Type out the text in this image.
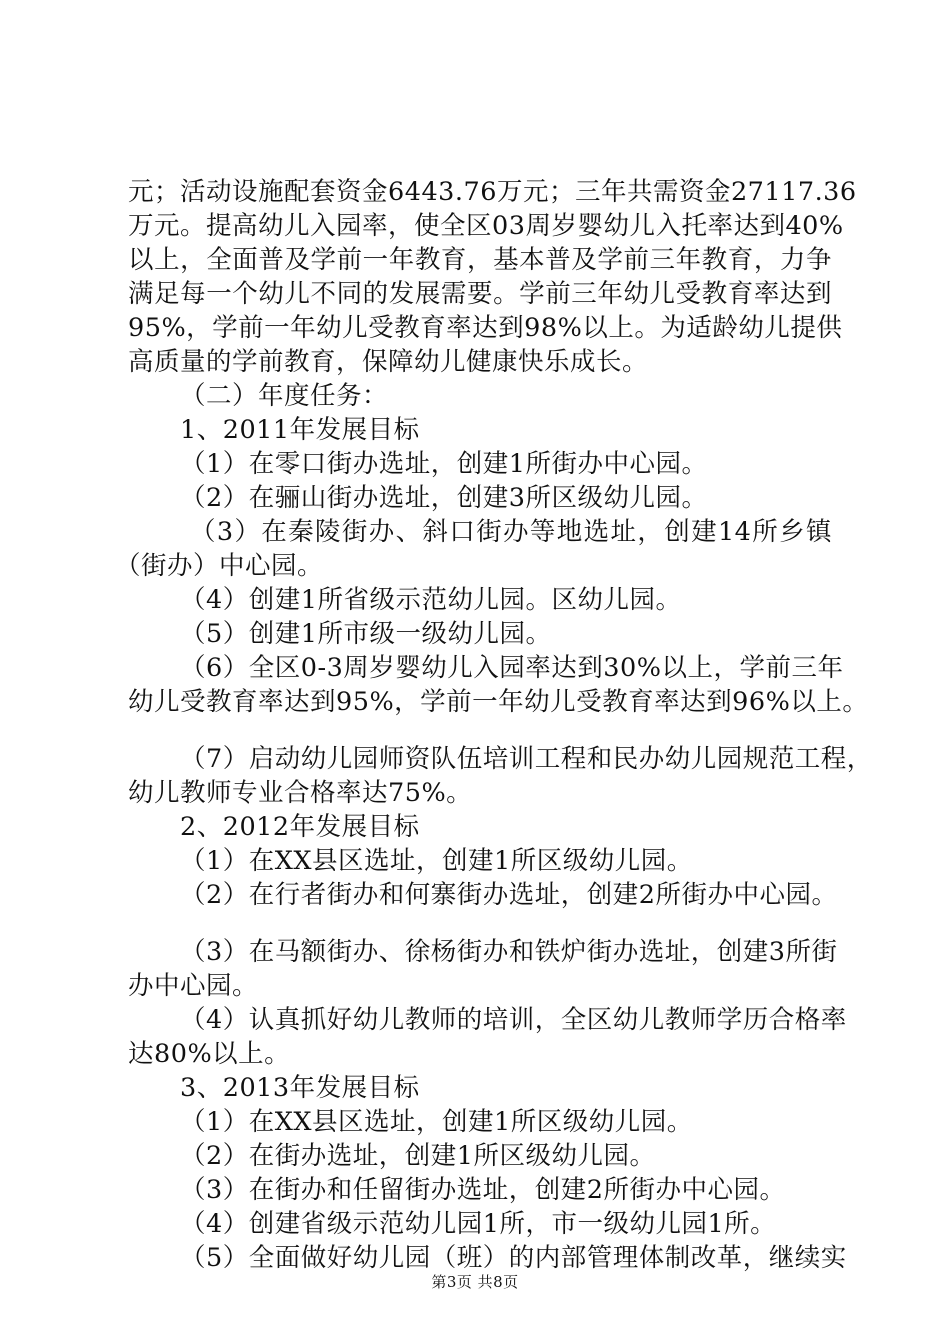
元；活动设施配套资金6443.76万元；三年共需资金27117.36
万元。提高幼儿入园率，使全区03周岁婴幼儿入托率达到40%
以上，全面普及学前一年教育，基本普及学前三年教育，力争
满足每一个幼儿不同的发展需要。学前三年幼儿受教育率达到
95%，学前一年幼儿受教育率达到98%以上。为适龄幼儿提供
高质量的学前教育，保障幼儿健康快乐成长。
（二）年度任务：
1、2011年发展目标
（1）在零口街办选址，创建1所街办中心园。
（2）在骊山街办选址，创建3所区级幼儿园。
（3）在秦陵街办、斜口街办等地选址，创建14所乡镇
（街办）中心园。
（4）创建1所省级示范幼儿园。区幼儿园。
（5）创建1所市级一级幼儿园。
（6）全区0-3周岁婴幼儿入园率达到30%以上，学前三年
幼儿受教育率达到95%，学前一年幼儿受教育率达到96%以上。
（7）启动幼儿园师资队伍培训工程和民办幼儿园规范工程，
幼儿教师专业合格率达75%。
2、2012年发展目标
（1）在XX县区选址，创建1所区级幼儿园。
（2）在行者街办和何寨街办选址，创建2所街办中心园。
（3）在马额街办、徐杨街办和铁炉街办选址，创建3所街
办中心园。
（4）认真抓好幼儿教师的培训，全区幼儿教师学历合格率
达80%以上。
3、2013年发展目标
（1）在XX县区选址，创建1所区级幼儿园。
（2）在街办选址，创建1所区级幼儿园。
（3）在街办和任留街办选址，创建2所街办中心园。
（4）创建省级示范幼儿园1所，市一级幼儿园1所。
（5）全面做好幼儿园（班）的内部管理体制改革，继续实
第3页 共8页
